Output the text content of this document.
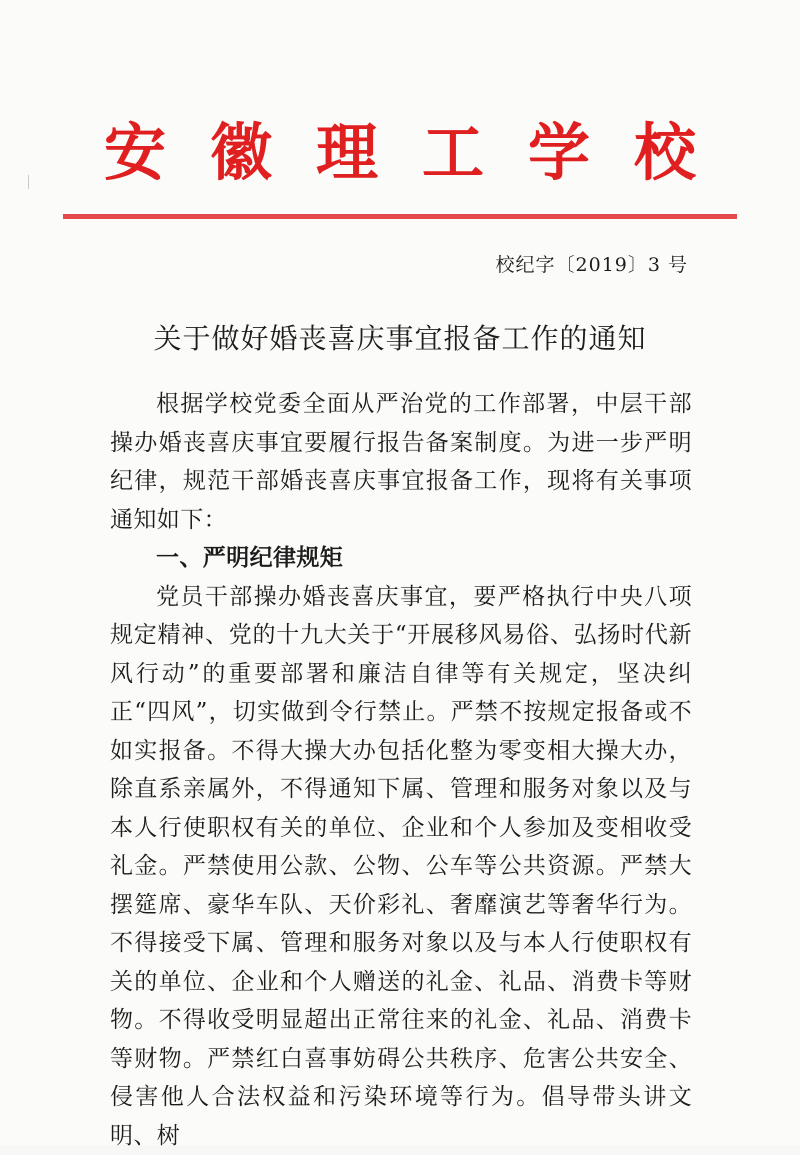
安 徽 理 工 学 校
校纪字〔2019〕3 号
关于做好婚丧喜庆事宜报备工作的通知

根据学校党委全面从严治党的工作部署，中层干部操办婚丧喜庆事宜要履行报告备案制度。为进一步严明纪律，规范干部婚丧喜庆事宜报备工作，现将有关事项通知如下：

一、严明纪律规矩

党员干部操办婚丧喜庆事宜，要严格执行中央八项规定精神、党的十九大关于“开展移风易俗、弘扬时代新风行动”的重要部署和廉洁自律等有关规定，坚决纠正“四风”，切实做到令行禁止。严禁不按规定报备或不如实报备。不得大操大办包括化整为零变相大操大办，除直系亲属外，不得通知下属、管理和服务对象以及与本人行使职权有关的单位、企业和个人参加及变相收受礼金。严禁使用公款、公物、公车等公共资源。严禁大摆筵席、豪华车队、天价彩礼、奢靡演艺等奢华行为。不得接受下属、管理和服务对象以及与本人行使职权有关的单位、企业和个人赠送的礼金、礼品、消费卡等财物。不得收受明显超出正常往来的礼金、礼品、消费卡等财物。严禁红白喜事妨碍公共秩序、危害公共安全、侵害他人合法权益和污染环境等行为。倡导带头讲文明、树
